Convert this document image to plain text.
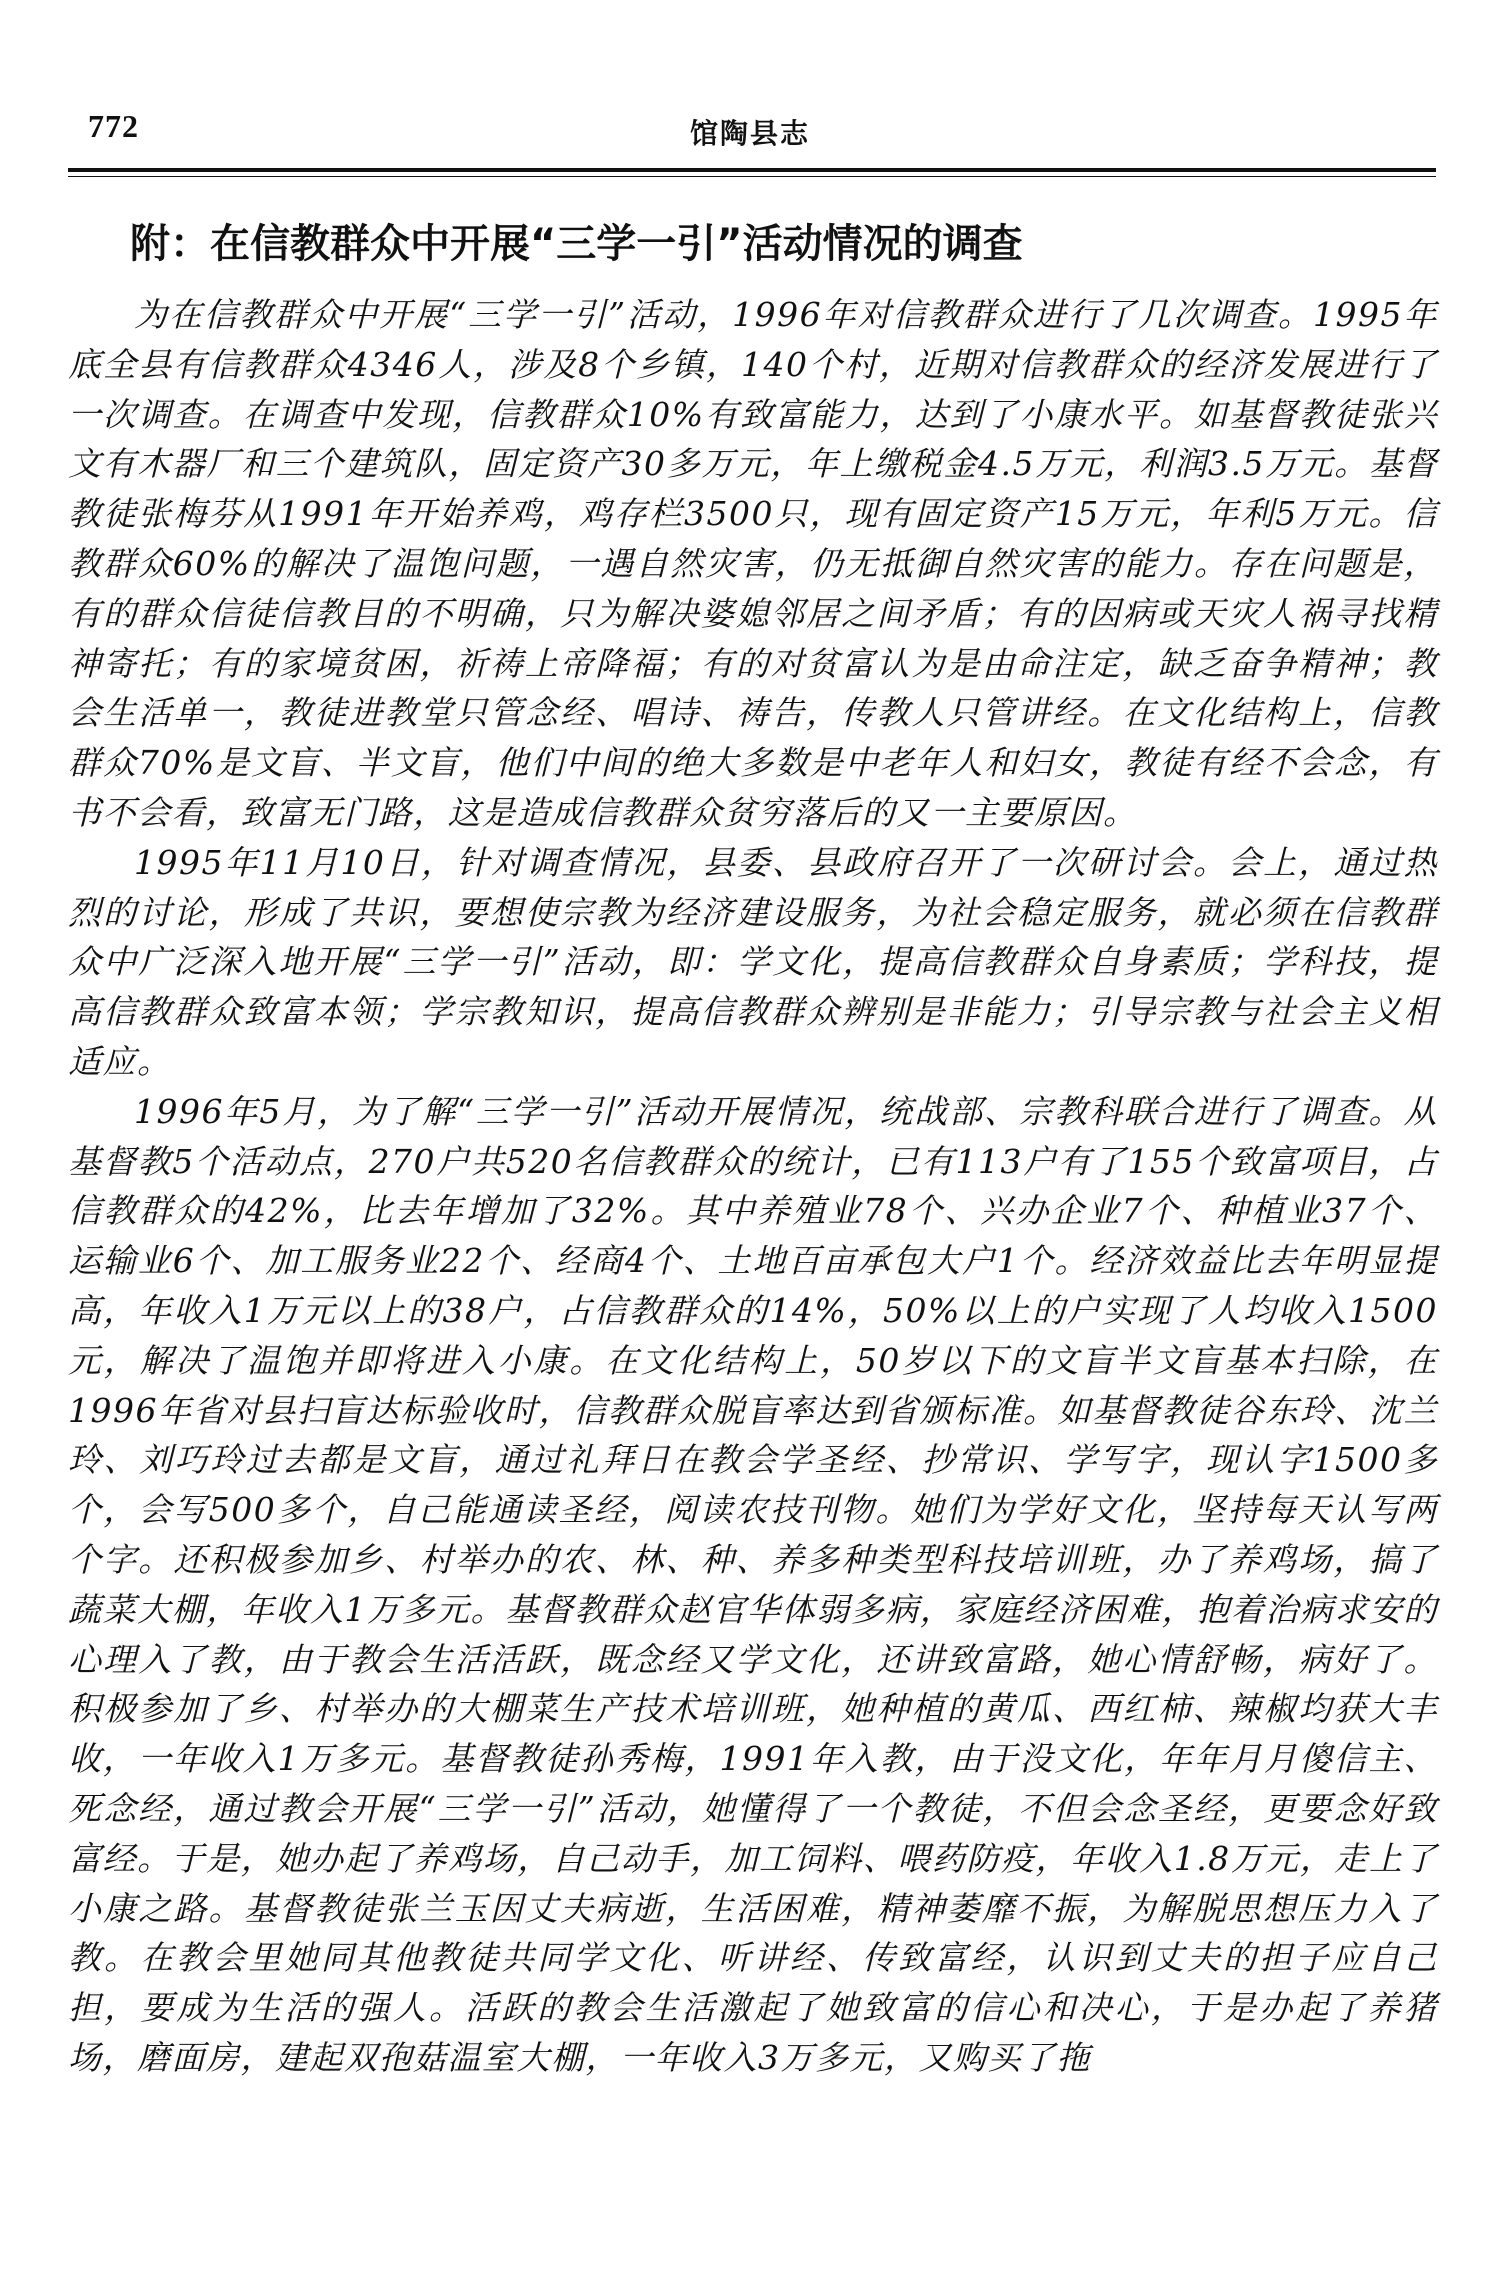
772	馆陶县志
附：在信教群众中开展“三学一引”活动情况的调查

为在信教群众中开展“三学一引”活动，1996年对信教群众进行了几次调查。1995年底全县有信教群众4346人，涉及8个乡镇，140个村，近期对信教群众的经济发展进行了一次调查。在调查中发现，信教群众10%有致富能力，达到了小康水平。如基督教徒张兴文有木器厂和三个建筑队，固定资产30多万元，年上缴税金4.5万元，利润3.5万元。基督教徒张梅芬从1991年开始养鸡，鸡存栏3500只，现有固定资产15万元，年利5万元。信教群众60%的解决了温饱问题，一遇自然灾害，仍无抵御自然灾害的能力。存在问题是，有的群众信徒信教目的不明确，只为解决婆媳邻居之间矛盾；有的因病或天灾人祸寻找精神寄托；有的家境贫困，祈祷上帝降福；有的对贫富认为是由命注定，缺乏奋争精神；教会生活单一，教徒进教堂只管念经、唱诗、祷告，传教人只管讲经。在文化结构上，信教群众70%是文盲、半文盲，他们中间的绝大多数是中老年人和妇女，教徒有经不会念，有书不会看，致富无门路，这是造成信教群众贫穷落后的又一主要原因。

1995年11月10日，针对调查情况，县委、县政府召开了一次研讨会。会上，通过热烈的讨论，形成了共识，要想使宗教为经济建设服务，为社会稳定服务，就必须在信教群众中广泛深入地开展“三学一引”活动，即：学文化，提高信教群众自身素质；学科技，提高信教群众致富本领；学宗教知识，提高信教群众辨别是非能力；引导宗教与社会主义相适应。

1996年5月，为了解“三学一引”活动开展情况，统战部、宗教科联合进行了调查。从基督教5个活动点，270户共520名信教群众的统计，已有113户有了155个致富项目，占信教群众的42%，比去年增加了32%。其中养殖业78个、兴办企业7个、种植业37个、运输业6个、加工服务业22个、经商4个、土地百亩承包大户1个。经济效益比去年明显提高，年收入1万元以上的38户，占信教群众的14%，50%以上的户实现了人均收入1500元，解决了温饱并即将进入小康。在文化结构上，50岁以下的文盲半文盲基本扫除，在1996年省对县扫盲达标验收时，信教群众脱盲率达到省颁标准。如基督教徒谷东玲、沈兰玲、刘巧玲过去都是文盲，通过礼拜日在教会学圣经、抄常识、学写字，现认字1500多个，会写500多个，自己能通读圣经，阅读农技刊物。她们为学好文化，坚持每天认写两个字。还积极参加乡、村举办的农、林、种、养多种类型科技培训班，办了养鸡场，搞了蔬菜大棚，年收入1万多元。基督教群众赵官华体弱多病，家庭经济困难，抱着治病求安的心理入了教，由于教会生活活跃，既念经又学文化，还讲致富路，她心情舒畅，病好了。积极参加了乡、村举办的大棚菜生产技术培训班，她种植的黄瓜、西红柿、辣椒均获大丰收，一年收入1万多元。基督教徒孙秀梅，1991年入教，由于没文化，年年月月傻信主、死念经，通过教会开展“三学一引”活动，她懂得了一个教徒，不但会念圣经，更要念好致富经。于是，她办起了养鸡场，自己动手，加工饲料、喂药防疫，年收入1.8万元，走上了小康之路。基督教徒张兰玉因丈夫病逝，生活困难，精神萎靡不振，为解脱思想压力入了教。在教会里她同其他教徒共同学文化、听讲经、传致富经，认识到丈夫的担子应自己担，要成为生活的强人。活跃的教会生活激起了她致富的信心和决心，于是办起了养猪场，磨面房，建起双孢菇温室大棚，一年收入3万多元，又购买了拖
